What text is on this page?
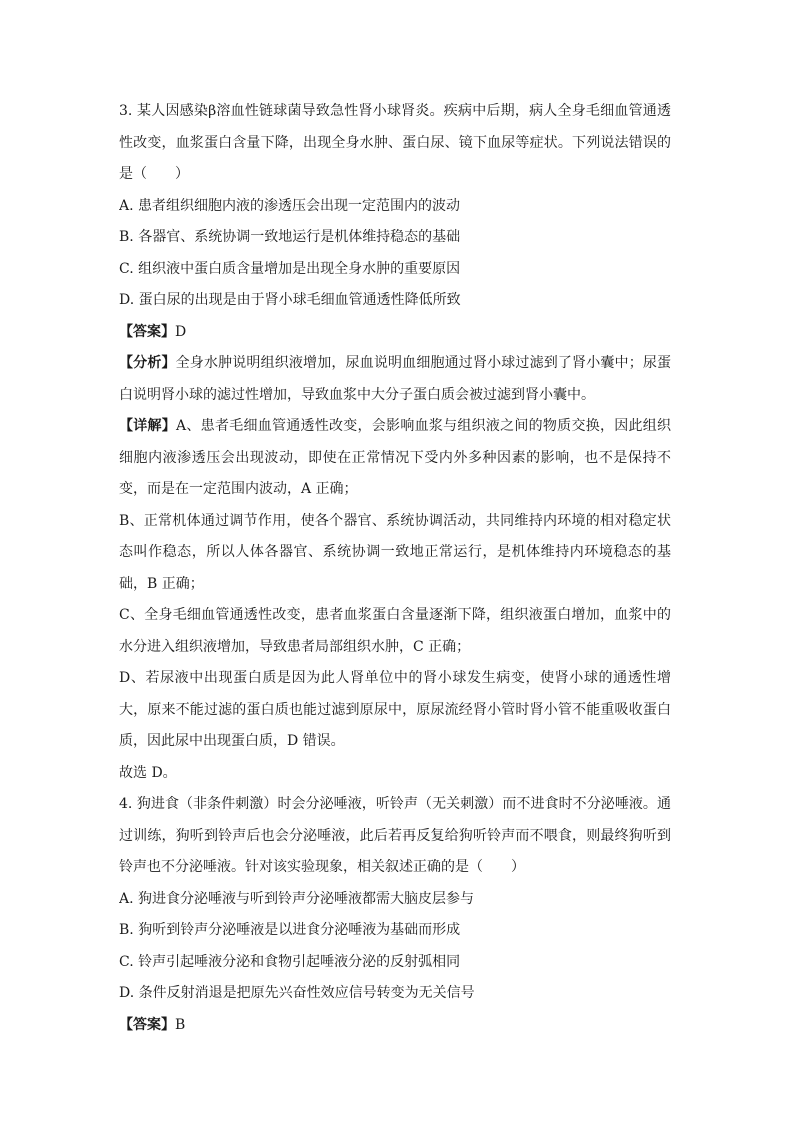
3. 某人因感染β溶血性链球菌导致急性肾小球肾炎。疾病中后期，病人全身毛细血管通透
性改变，血浆蛋白含量下降，出现全身水肿、蛋白尿、镜下血尿等症状。下列说法错误的
是（　　）
A. 患者组织细胞内液的渗透压会出现一定范围内的波动
B. 各器官、系统协调一致地运行是机体维持稳态的基础
C. 组织液中蛋白质含量增加是出现全身水肿的重要原因
D. 蛋白尿的出现是由于肾小球毛细血管通透性降低所致
【答案】D
【分析】全身水肿说明组织液增加，尿血说明血细胞通过肾小球过滤到了肾小囊中；尿蛋
白说明肾小球的滤过性增加，导致血浆中大分子蛋白质会被过滤到肾小囊中。
【详解】A、患者毛细血管通透性改变，会影响血浆与组织液之间的物质交换，因此组织
细胞内液渗透压会出现波动，即使在正常情况下受内外多种因素的影响，也不是保持不
变，而是在一定范围内波动，A 正确；
B、正常机体通过调节作用，使各个器官、系统协调活动，共同维持内环境的相对稳定状
态叫作稳态，所以人体各器官、系统协调一致地正常运行，是机体维持内环境稳态的基
础，B 正确；
C、全身毛细血管通透性改变，患者血浆蛋白含量逐渐下降，组织液蛋白增加，血浆中的
水分进入组织液增加，导致患者局部组织水肿，C 正确；
D、若尿液中出现蛋白质是因为此人肾单位中的肾小球发生病变，使肾小球的通透性增
大，原来不能过滤的蛋白质也能过滤到原尿中，原尿流经肾小管时肾小管不能重吸收蛋白
质，因此尿中出现蛋白质，D 错误。
故选 D。
4. 狗进食（非条件刺激）时会分泌唾液，听铃声（无关刺激）而不进食时不分泌唾液。通
过训练，狗听到铃声后也会分泌唾液，此后若再反复给狗听铃声而不喂食，则最终狗听到
铃声也不分泌唾液。针对该实验现象，相关叙述正确的是（　　）
A. 狗进食分泌唾液与听到铃声分泌唾液都需大脑皮层参与
B. 狗听到铃声分泌唾液是以进食分泌唾液为基础而形成
C. 铃声引起唾液分泌和食物引起唾液分泌的反射弧相同
D. 条件反射消退是把原先兴奋性效应信号转变为无关信号
【答案】B
